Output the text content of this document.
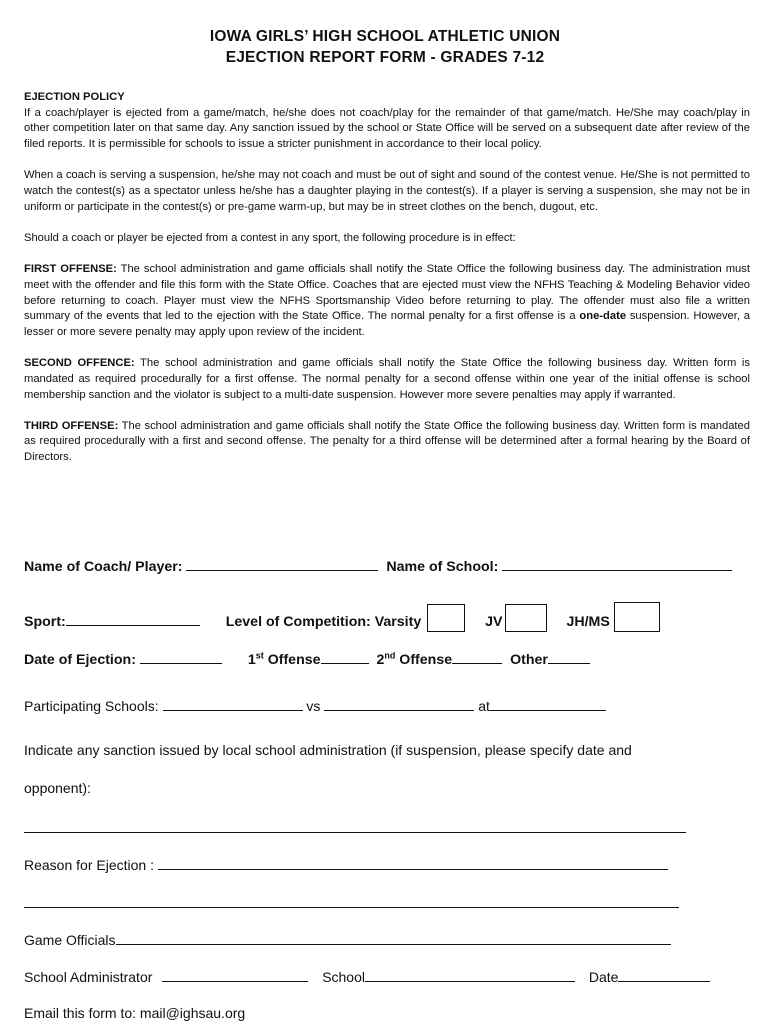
IOWA GIRLS’ HIGH SCHOOL ATHLETIC UNION
EJECTION REPORT FORM - GRADES 7-12

EJECTION POLICY

If a coach/player is ejected from a game/match, he/she does not coach/play for the remainder of that game/match. He/She may coach/play in other competition later on that same day. Any sanction issued by the school or State Office will be served on a subsequent date after review of the filed reports. It is permissible for schools to issue a stricter punishment in accordance to their local policy.

When a coach is serving a suspension, he/she may not coach and must be out of sight and sound of the contest venue. He/She is not permitted to watch the contest(s) as a spectator unless he/she has a daughter playing in the contest(s). If a player is serving a suspension, she may not be in uniform or participate in the contest(s) or pre-game warm-up, but may be in street clothes on the bench, dugout, etc.

Should a coach or player be ejected from a contest in any sport, the following procedure is in effect:

FIRST OFFENSE: The school administration and game officials shall notify the State Office the following business day. The administration must meet with the offender and file this form with the State Office. Coaches that are ejected must view the NFHS Teaching & Modeling Behavior video before returning to coach. Player must view the NFHS Sportsmanship Video before returning to play. The offender must also file a written summary of the events that led to the ejection with the State Office. The normal penalty for a first offense is a one-date suspension. However, a lesser or more severe penalty may apply upon review of the incident.

SECOND OFFENCE: The school administration and game officials shall notify the State Office the following business day. Written form is mandated as required procedurally for a first offense. The normal penalty for a second offense within one year of the initial offense is school membership sanction and the violator is subject to a multi-date suspension. However more severe penalties may apply if warranted.

THIRD OFFENSE: The school administration and game officials shall notify the State Office the following business day. Written form is mandated as required procedurally with a first and second offense. The penalty for a third offense will be determined after a formal hearing by the Board of Directors.

Name of Coach/ Player:	Name of School:
Sport:	Level of Competition: Varsity	JV	JH/MS
Date of Ejection:	1st Offense	2nd Offense	Other
Participating Schools:	vs	at
Indicate any sanction issued by local school administration (if suspension, please specify date and
opponent):
Reason for Ejection :
Game Officials
School Administrator	School	Date
Email this form to: mail@ighsau.org
